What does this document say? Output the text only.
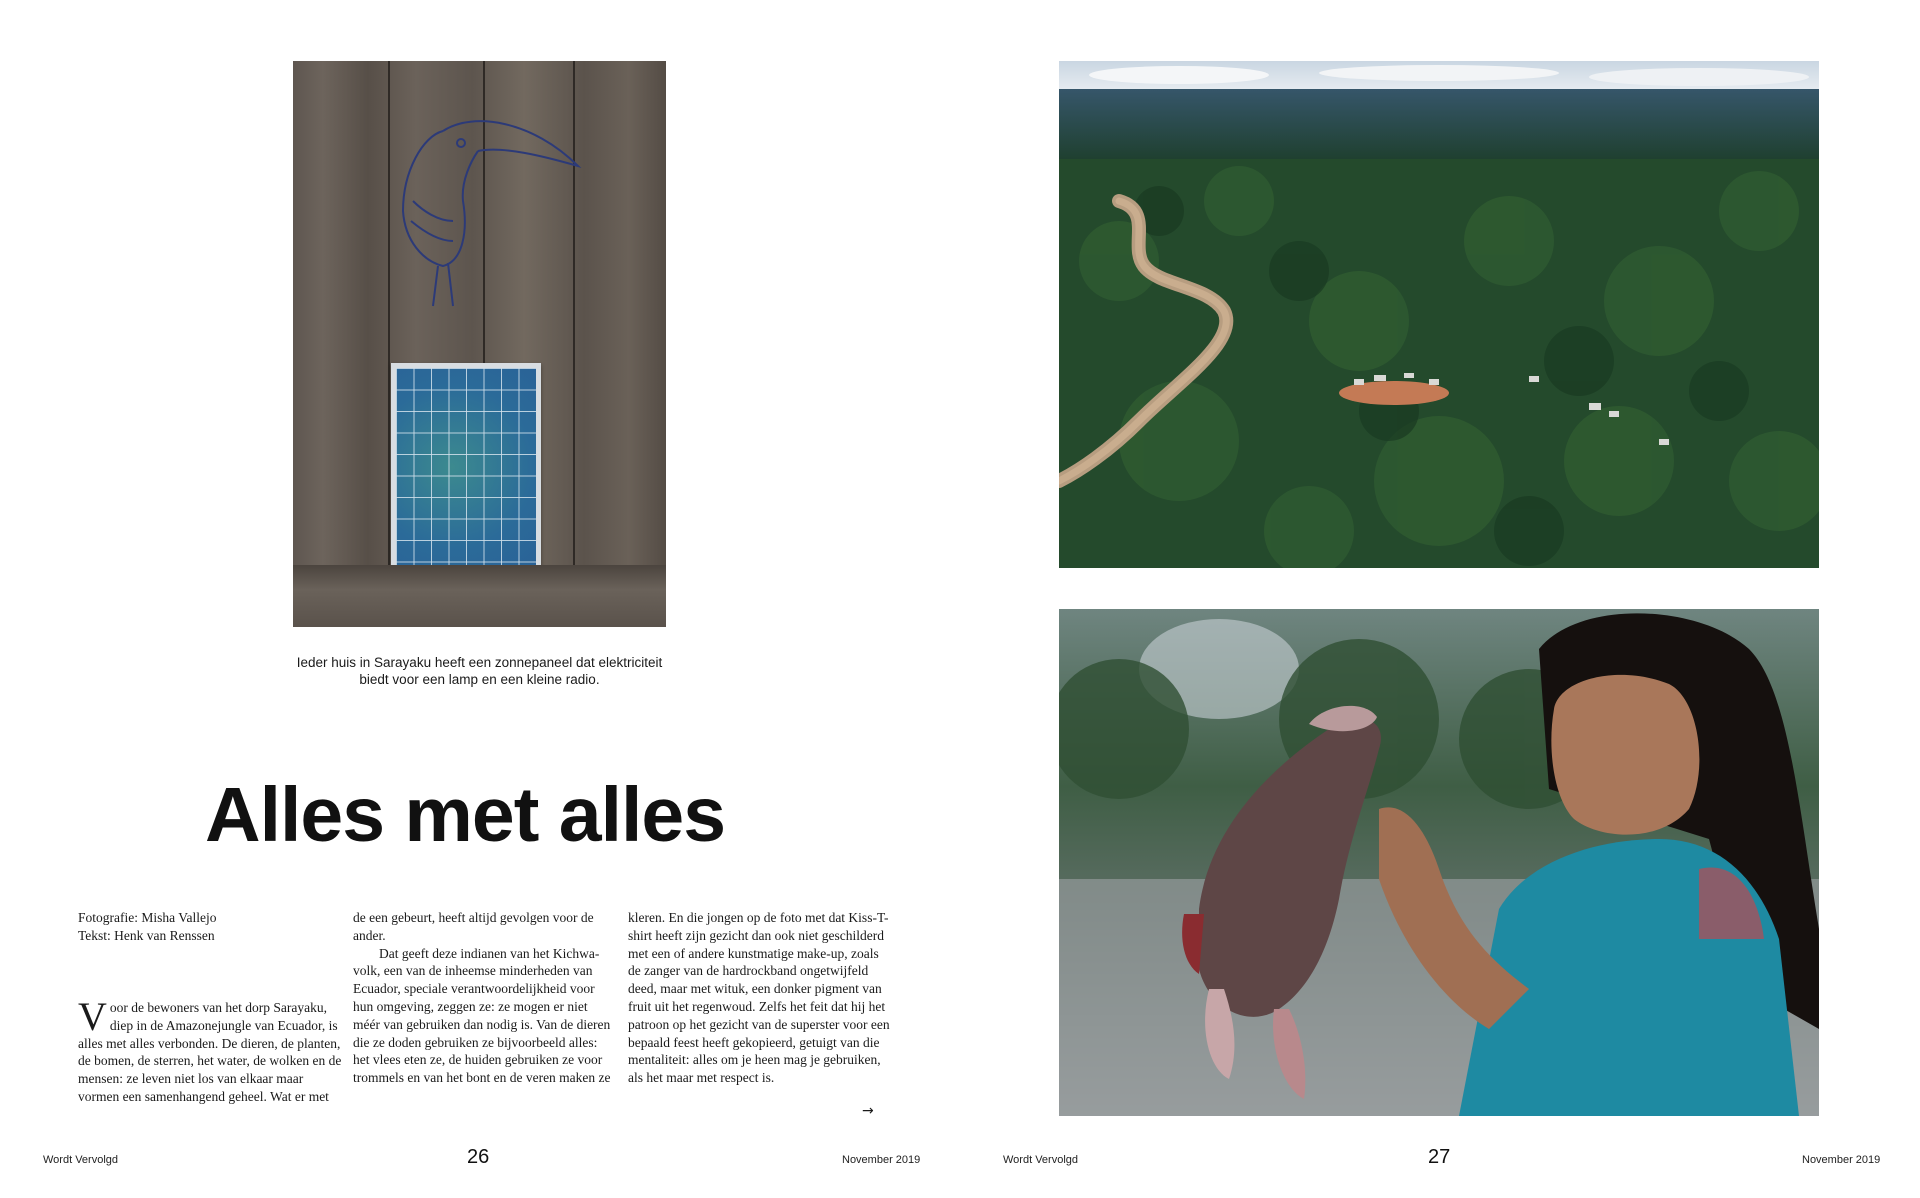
Ieder huis in Sarayaku heeft een zonnepaneel dat elektriciteit biedt voor een lamp en een kleine radio.
Alles met alles
Fotografie: Misha Vallejo
Tekst: Henk van Renssen

Voor de bewoners van het dorp Sarayaku, diep in de Amazonejungle van Ecuador, is alles met alles verbonden. De dieren, de planten, de bomen, de sterren, het water, de wolken en de mensen: ze leven niet los van elkaar maar vormen een samenhangend geheel. Wat er met

de een gebeurt, heeft altijd gevolgen voor de ander.

Dat geeft deze indianen van het Kichwa-volk, een van de inheemse minderheden van Ecuador, speciale verantwoordelijkheid voor hun omgeving, zeggen ze: ze mogen er niet méér van gebruiken dan nodig is. Van de dieren die ze doden gebruiken ze bijvoorbeeld alles: het vlees eten ze, de huiden gebruiken ze voor trommels en van het bont en de veren maken ze

kleren. En die jongen op de foto met dat Kiss-T-shirt heeft zijn gezicht dan ook niet geschilderd met een of andere kunstmatige make-up, zoals de zanger van de hardrockband ongetwijfeld deed, maar met wituk, een donker pigment van fruit uit het regenwoud. Zelfs het feit dat hij het patroon op het gezicht van de superster voor een bepaald feest heeft gekopieerd, getuigt van die mentaliteit: alles om je heen mag je gebruiken, als het maar met respect is.

→
Wordt Vervolgd	26	November 2019	Wordt Vervolgd	27	November 2019
